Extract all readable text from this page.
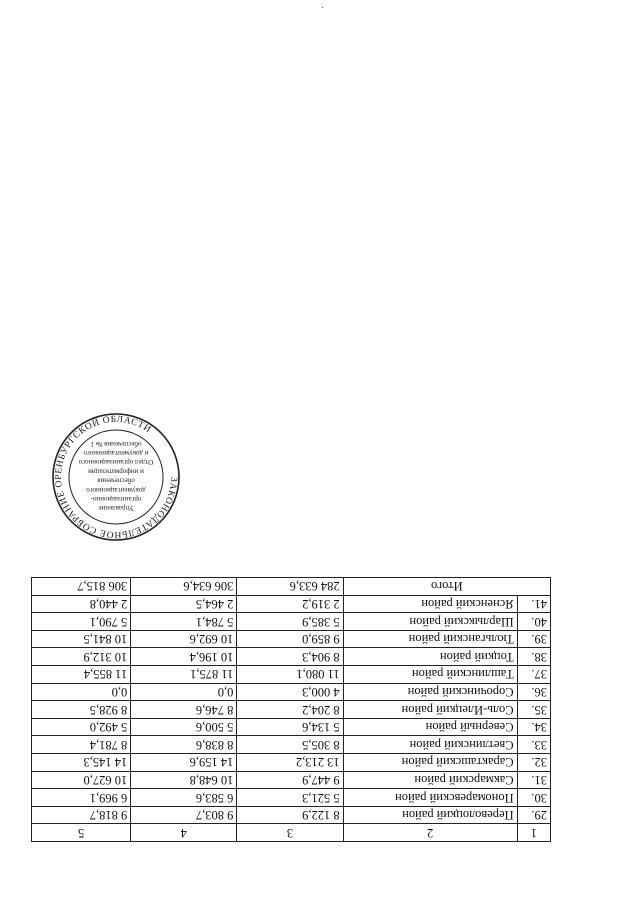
1	2	3	4	5
29.	Переволоцкий район	8 122,9	9 803,7	9 818,7
30.	Пономаревский район	5 521,3	6 583,6	6 969,1
31.	Сакмарский район	9 447,9	10 648,8	10 627,0
32.	Саракташский район	13 213,2	14 159,6	14 145,3
33.	Светлинский район	8 305,5	8 838,6	8 781,4
34.	Северный район	5 134,6	5 500,6	5 492,0
35.	Соль-Илецкий район	8 204,2	8 746,6	8 928,5
36.	Сорочинский район	4 000,3	0,0	0,0
37.	Ташлинский район	11 080,1	11 875,1	11 855,4
38.	Тоцкий район	8 904,3	10 196,4	10 312,9
39.	Тюльганский район	9 859,0	10 692,6	10 841,5
40.	Шарлыкский район	5 385,9	5 784,1	5 790,1
41.	Ясненский район	2 319,2	2 464,5	2 440,8
Итого		284 633,6	306 634,6	306 815,7
ЗАКОНОДАТЕЛЬНОЕ СОБРАНИЕ ОРЕНБУРГСКОЙ ОБЛАСТИ
Управление
организационно-
документационного
обеспечения
и информатизации
Отдел организационного
и документационного
обеспечения № 1
